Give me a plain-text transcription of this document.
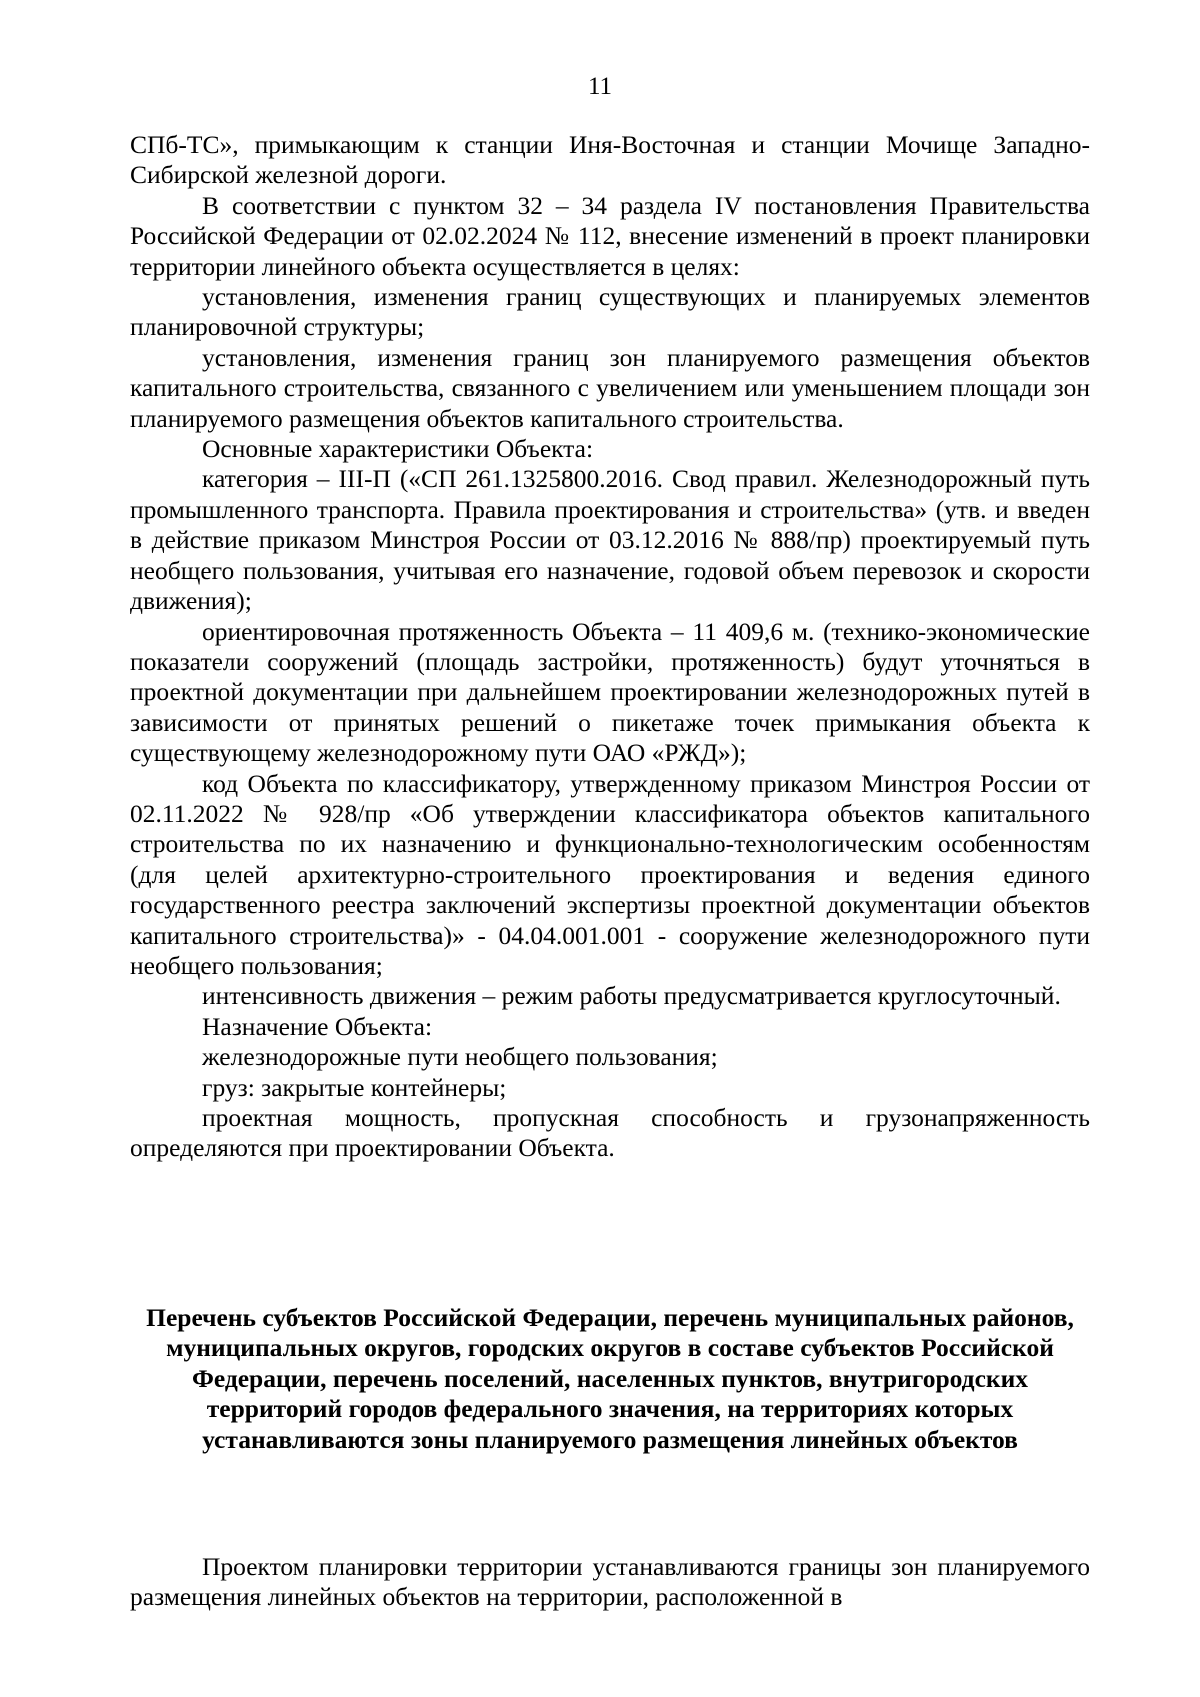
11

СПб-ТС», примыкающим к станции Иня-Восточная и станции Мочище Западно-Сибирской железной дороги.

В соответствии с пунктом 32 – 34 раздела IV постановления Правительства Российской Федерации от 02.02.2024 № 112, внесение изменений в проект планировки территории линейного объекта осуществляется в целях:

установления, изменения границ существующих и планируемых элементов планировочной структуры;

установления, изменения границ зон планируемого размещения объектов капитального строительства, связанного с увеличением или уменьшением площади зон планируемого размещения объектов капитального строительства.

Основные характеристики Объекта:

категория – III-П («СП 261.1325800.2016. Свод правил. Железнодорожный путь промышленного транспорта. Правила проектирования и строительства» (утв. и введен в действие приказом Минстроя России от 03.12.2016 № 888/пр) проектируемый путь необщего пользования, учитывая его назначение, годовой объем перевозок и скорости движения);

ориентировочная протяженность Объекта – 11 409,6 м. (технико-экономические показатели сооружений (площадь застройки, протяженность) будут уточняться в проектной документации при дальнейшем проектировании железнодорожных путей в зависимости от принятых решений о пикетаже точек примыкания объекта к существующему железнодорожному пути ОАО «РЖД»);

код Объекта по классификатору, утвержденному приказом Минстроя России от 02.11.2022 № 928/пр «Об утверждении классификатора объектов капитального строительства по их назначению и функционально-технологическим особенностям (для целей архитектурно-строительного проектирования и ведения единого государственного реестра заключений экспертизы проектной документации объектов капитального строительства)» - 04.04.001.001 - сооружение железнодорожного пути необщего пользования;

интенсивность движения – режим работы предусматривается круглосуточный.

Назначение Объекта:

железнодорожные пути необщего пользования;

груз: закрытые контейнеры;

проектная мощность, пропускная способность и грузонапряженность определяются при проектировании Объекта.

Перечень субъектов Российской Федерации, перечень муниципальных районов, муниципальных округов, городских округов в составе субъектов Российской Федерации, перечень поселений, населенных пунктов, внутригородских территорий городов федерального значения, на территориях которых устанавливаются зоны планируемого размещения линейных объектов

Проектом планировки территории устанавливаются границы зон планируемого размещения линейных объектов на территории, расположенной в
